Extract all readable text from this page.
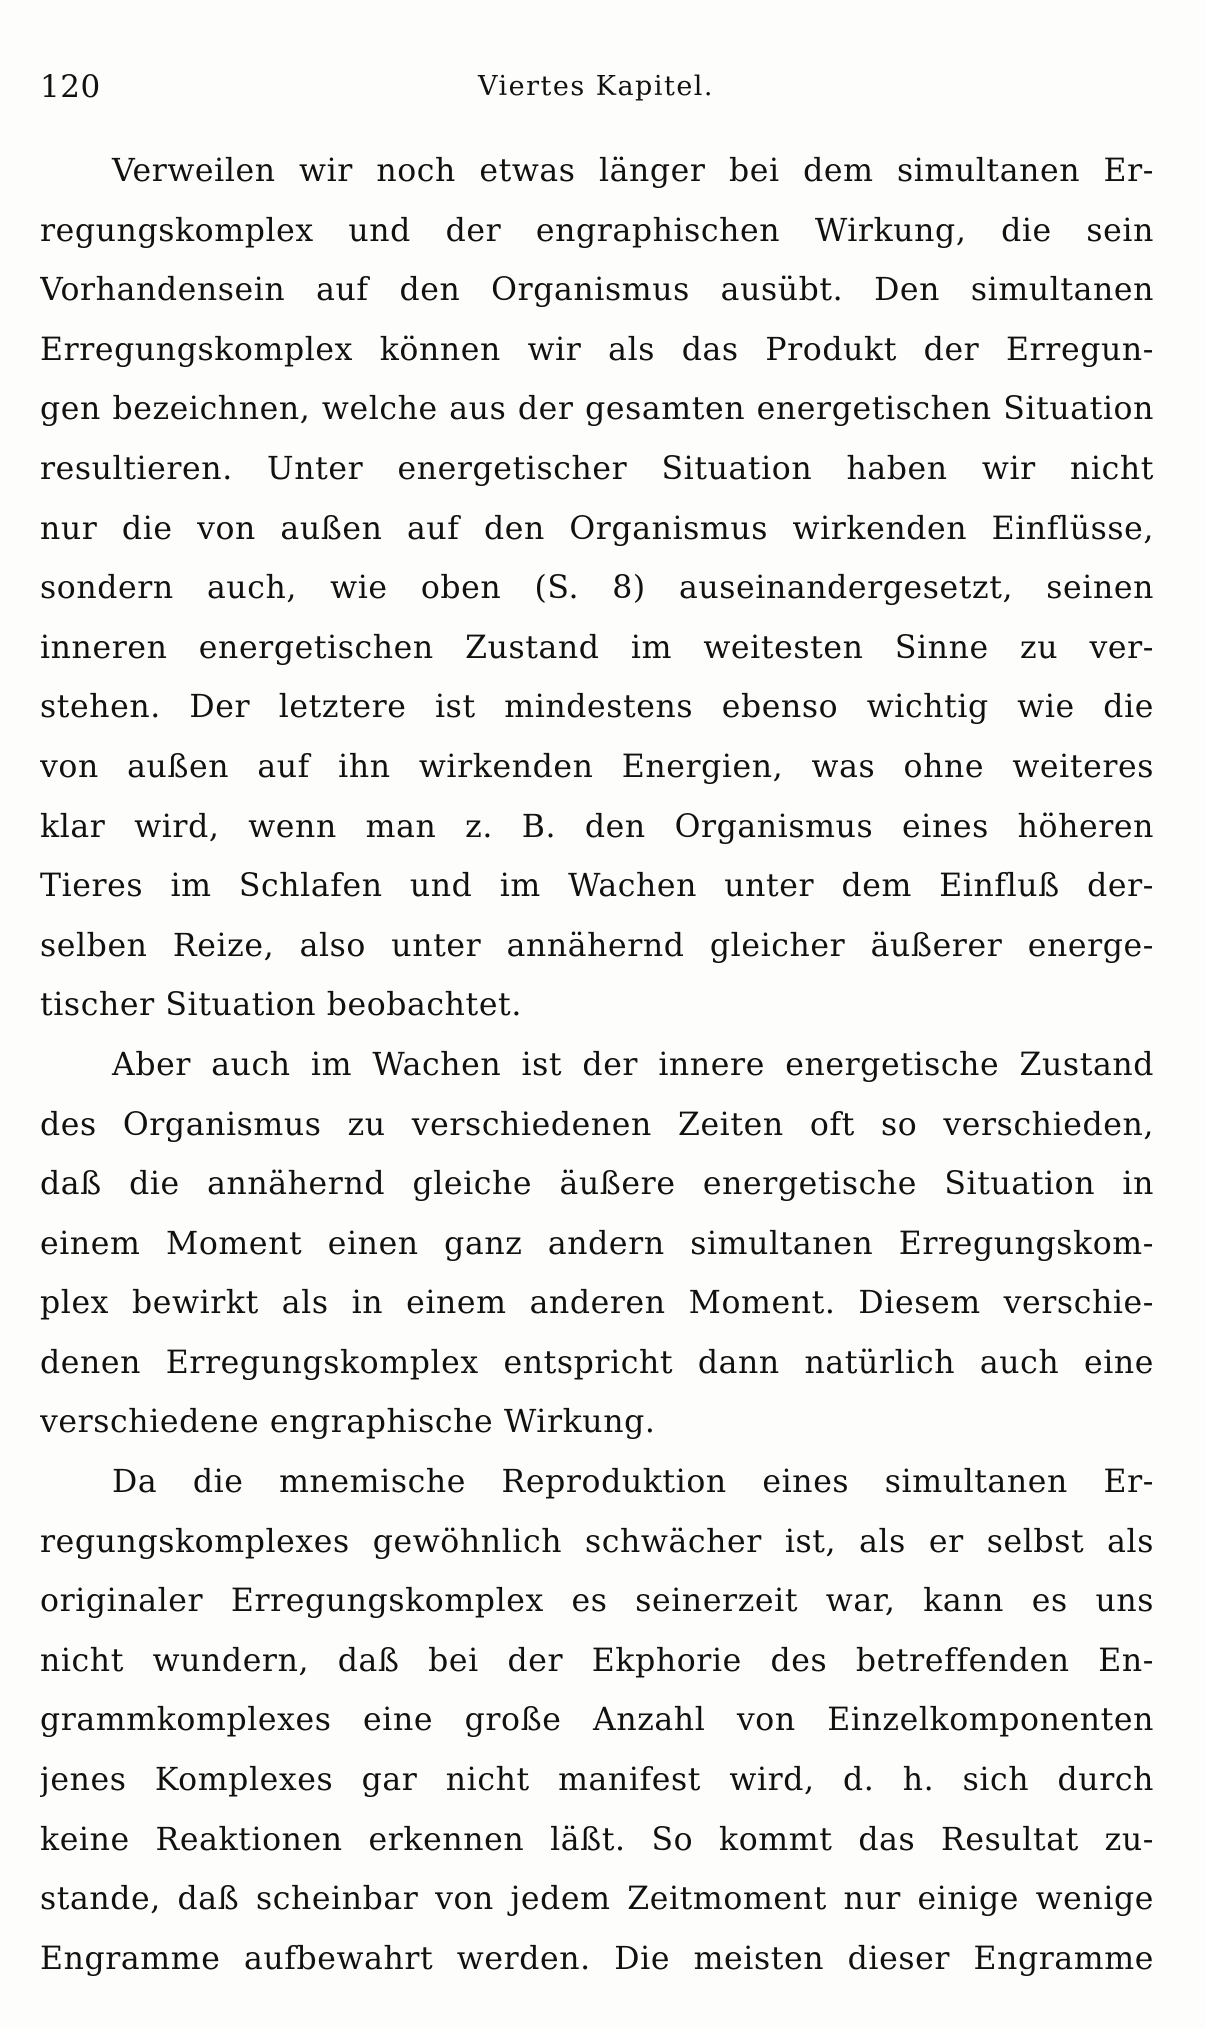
120	Viertes Kapitel.
Verweilen wir noch etwas länger bei dem simultanen Er-
regungskomplex und der engraphischen Wirkung, die sein
Vorhandensein auf den Organismus ausübt. Den simultanen
Erregungskomplex können wir als das Produkt der Erregun-
gen bezeichnen, welche aus der gesamten energetischen Situation
resultieren. Unter energetischer Situation haben wir nicht
nur die von außen auf den Organismus wirkenden Einflüsse,
sondern auch, wie oben (S. 8) auseinandergesetzt, seinen
inneren energetischen Zustand im weitesten Sinne zu ver-
stehen. Der letztere ist mindestens ebenso wichtig wie die
von außen auf ihn wirkenden Energien, was ohne weiteres
klar wird, wenn man z. B. den Organismus eines höheren
Tieres im Schlafen und im Wachen unter dem Einfluß der-
selben Reize, also unter annähernd gleicher äußerer energe-
tischer Situation beobachtet.
Aber auch im Wachen ist der innere energetische Zustand
des Organismus zu verschiedenen Zeiten oft so verschieden,
daß die annähernd gleiche äußere energetische Situation in
einem Moment einen ganz andern simultanen Erregungskom-
plex bewirkt als in einem anderen Moment. Diesem verschie-
denen Erregungskomplex entspricht dann natürlich auch eine
verschiedene engraphische Wirkung.
Da die mnemische Reproduktion eines simultanen Er-
regungskomplexes gewöhnlich schwächer ist, als er selbst als
originaler Erregungskomplex es seinerzeit war, kann es uns
nicht wundern, daß bei der Ekphorie des betreffenden En-
grammkomplexes eine große Anzahl von Einzelkomponenten
jenes Komplexes gar nicht manifest wird, d. h. sich durch
keine Reaktionen erkennen läßt. So kommt das Resultat zu-
stande, daß scheinbar von jedem Zeitmoment nur einige wenige
Engramme aufbewahrt werden. Die meisten dieser Engramme
